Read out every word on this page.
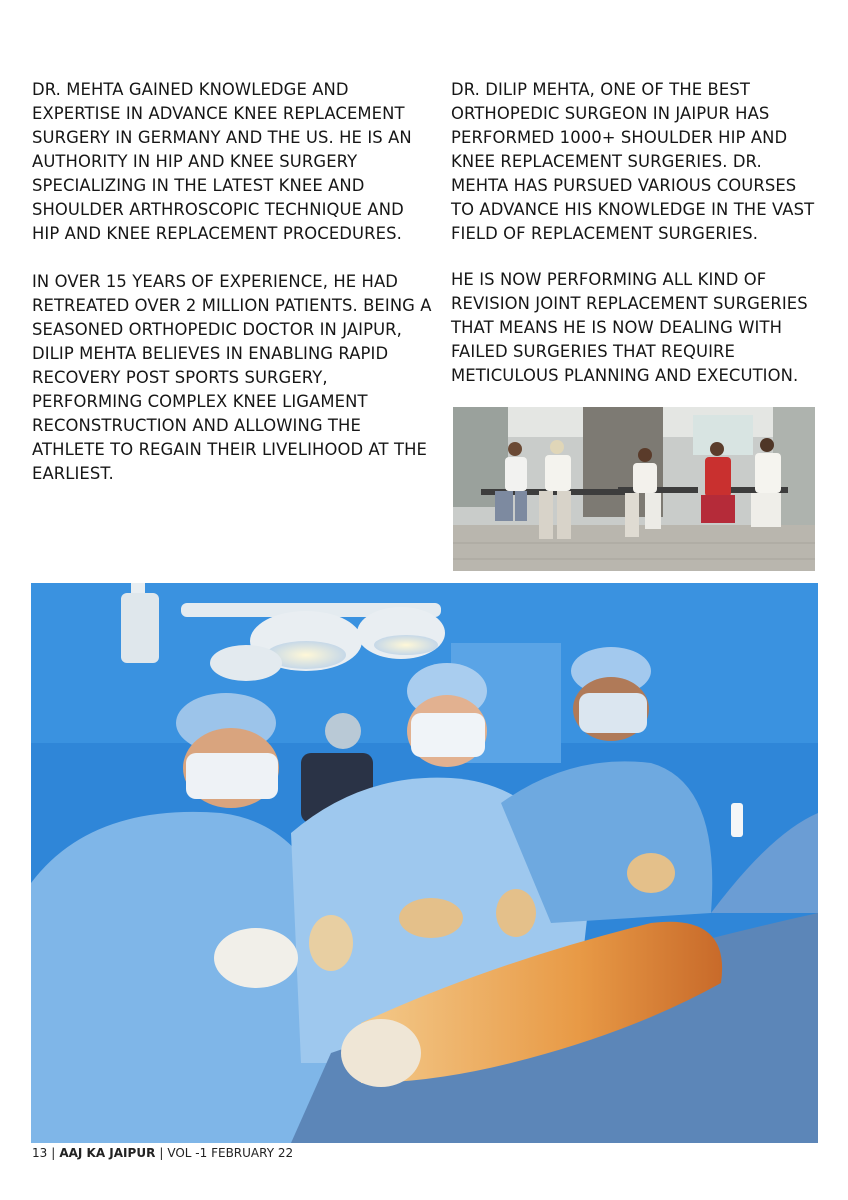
DR. MEHTA GAINED KNOWLEDGE AND EXPERTISE IN ADVANCE KNEE REPLACEMENT SURGERY IN GERMANY AND THE US. HE IS AN AUTHORITY IN HIP AND KNEE SURGERY SPECIALIZING IN THE LATEST KNEE AND SHOULDER ARTHROSCOPIC TECHNIQUE AND HIP AND KNEE REPLACEMENT PROCEDURES.

IN OVER 15 YEARS OF EXPERIENCE, HE HAD RETREATED OVER 2 MILLION PATIENTS. BEING A SEASONED ORTHOPEDIC DOCTOR IN JAIPUR, DILIP MEHTA BELIEVES IN ENABLING RAPID RECOVERY POST SPORTS SURGERY, PERFORMING COMPLEX KNEE LIGAMENT RECONSTRUCTION AND ALLOWING THE ATHLETE TO REGAIN THEIR LIVELIHOOD AT THE EARLIEST.

DR. DILIP MEHTA, ONE OF THE BEST ORTHOPEDIC SURGEON IN JAIPUR HAS PERFORMED 1000+ SHOULDER HIP AND KNEE REPLACEMENT SURGERIES. DR. MEHTA HAS PURSUED VARIOUS COURSES TO ADVANCE HIS KNOWLEDGE IN THE VAST FIELD OF REPLACEMENT SURGERIES.

HE IS NOW PERFORMING ALL KIND OF REVISION JOINT REPLACEMENT SURGERIES THAT MEANS HE IS NOW DEALING WITH FAILED SURGERIES THAT REQUIRE METICULOUS PLANNING AND EXECUTION.

13 | AAJ KA JAIPUR | VOL -1 FEBRUARY 22
